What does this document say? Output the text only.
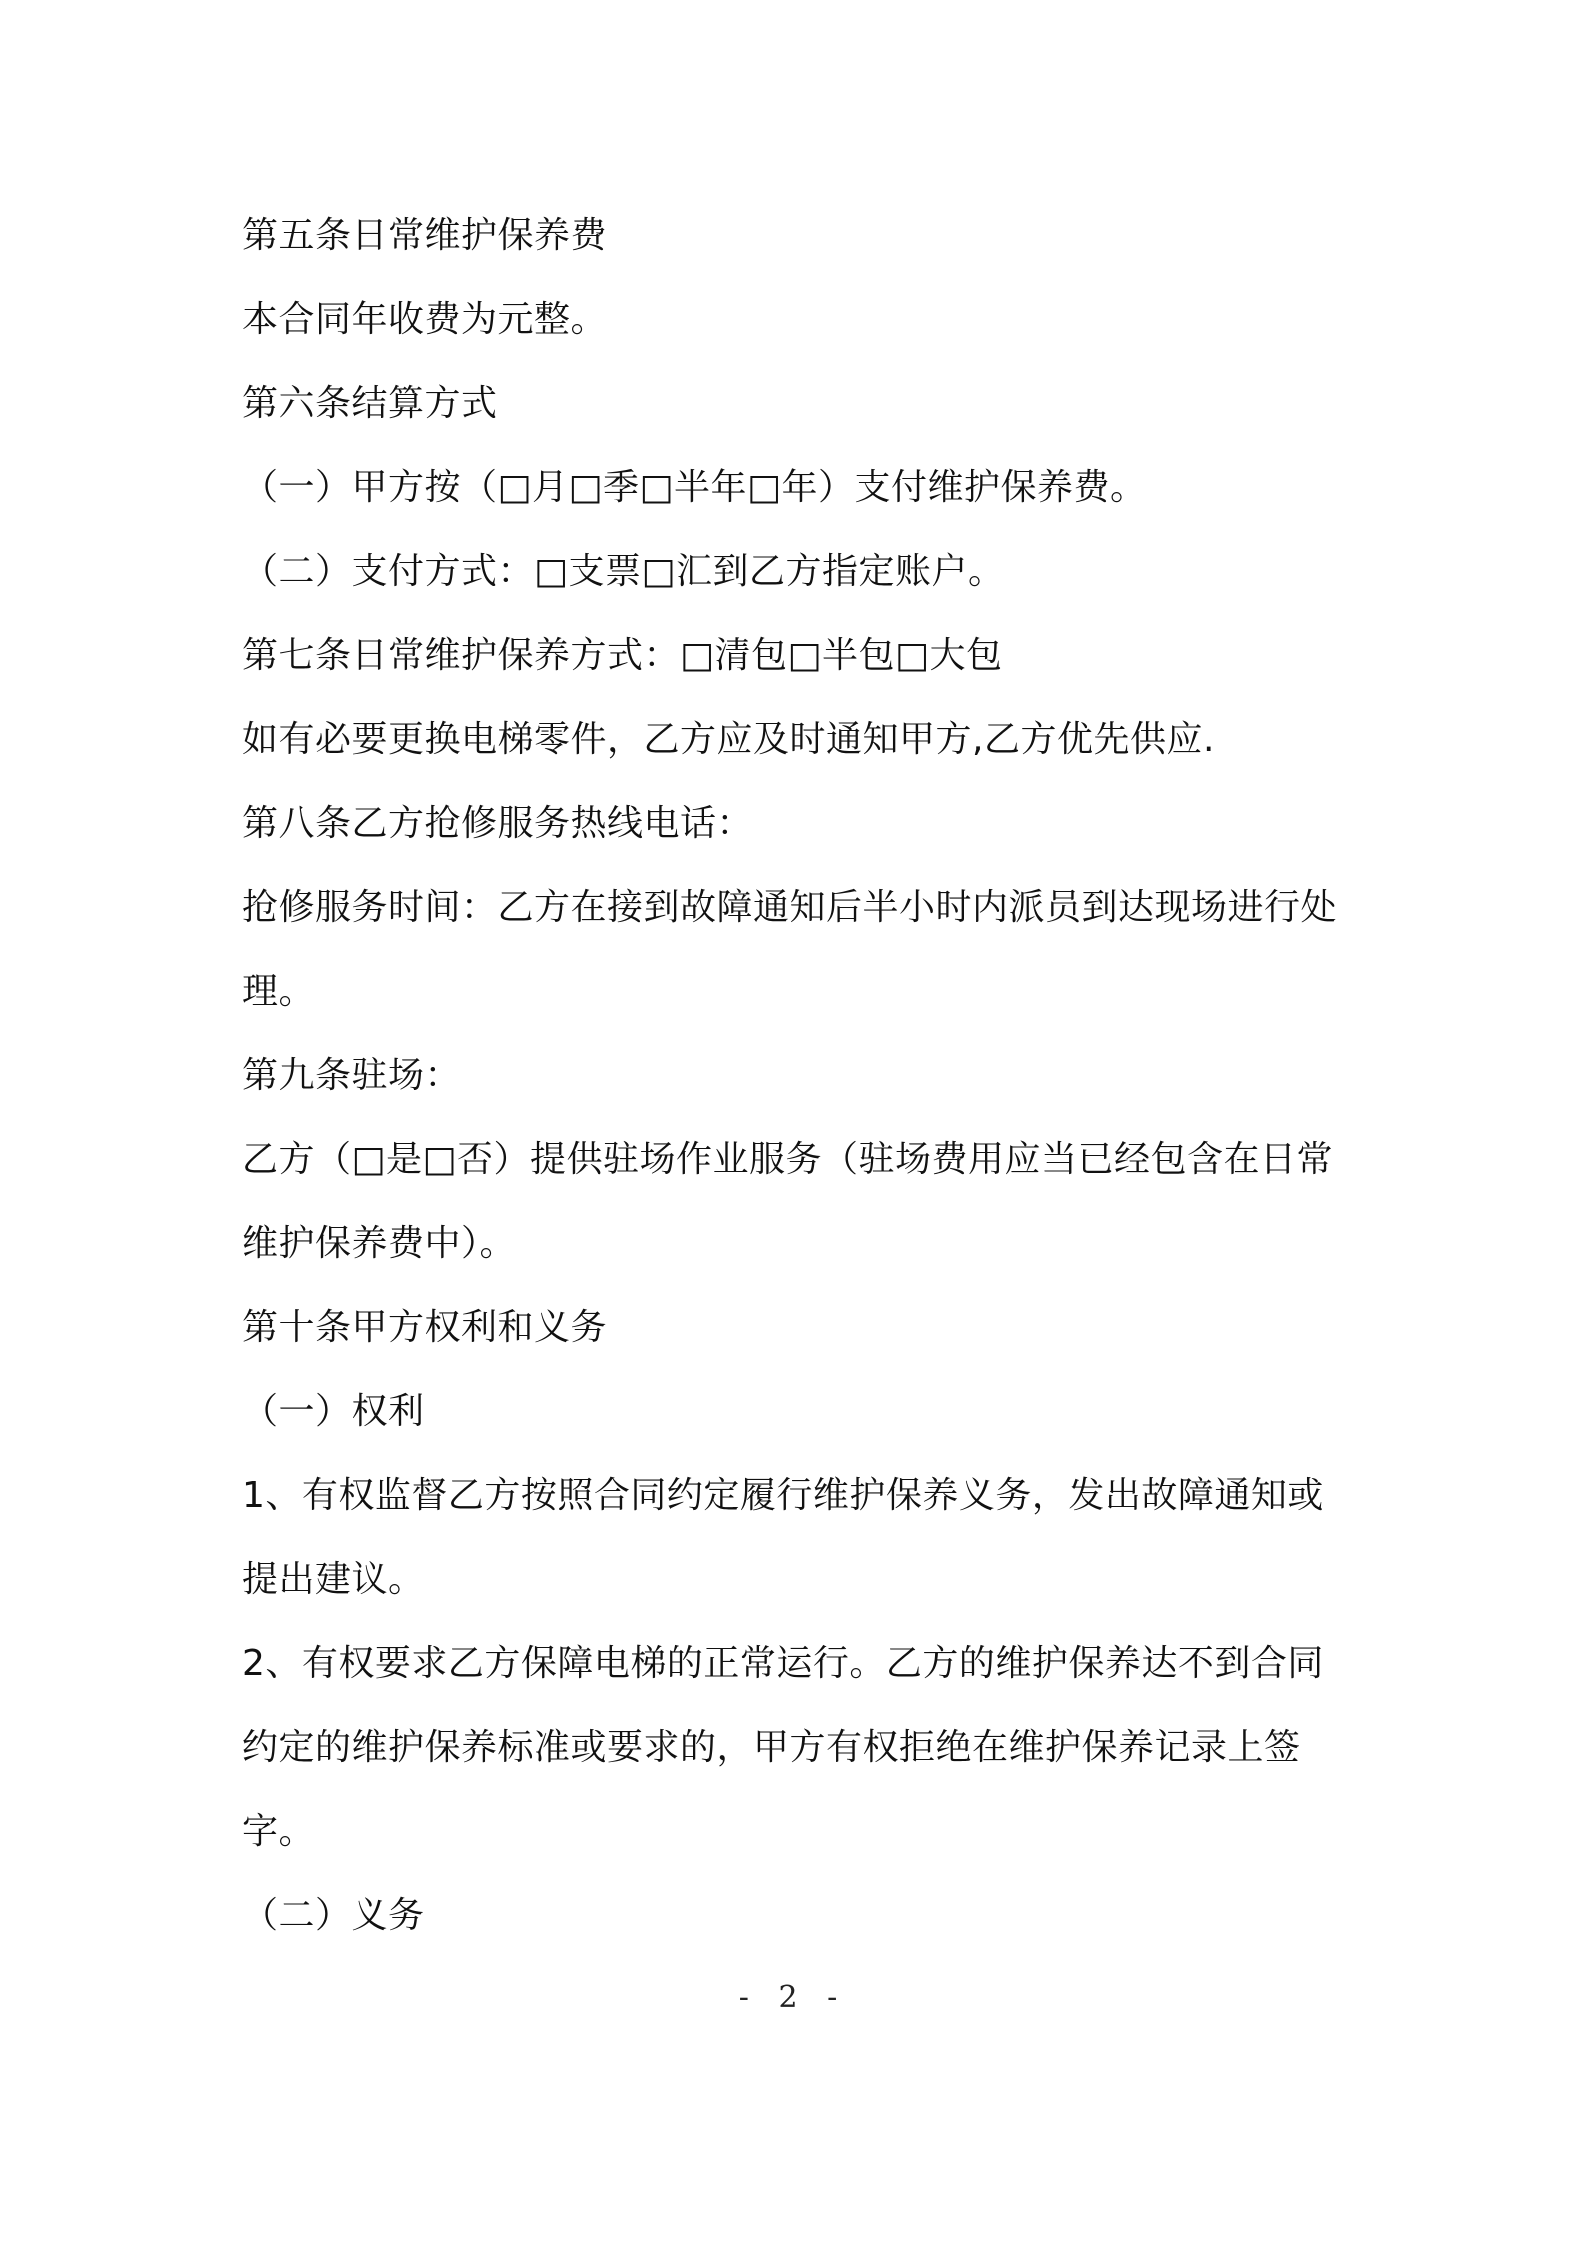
第五条日常维护保养费
本合同年收费为元整。
第六条结算方式
（一）甲方按（□月□季□半年□年）支付维护保养费。
（二）支付方式：□支票□汇到乙方指定账户。
第七条日常维护保养方式：□清包□半包□大包
如有必要更换电梯零件，乙方应及时通知甲方,乙方优先供应.
第八条乙方抢修服务热线电话：
抢修服务时间：乙方在接到故障通知后半小时内派员到达现场进行处
理。
第九条驻场：
乙方（□是□否）提供驻场作业服务（驻场费用应当已经包含在日常
维护保养费中）。
第十条甲方权利和义务
（一）权利
1、有权监督乙方按照合同约定履行维护保养义务，发出故障通知或
提出建议。
2、有权要求乙方保障电梯的正常运行。乙方的维护保养达不到合同
约定的维护保养标准或要求的，甲方有权拒绝在维护保养记录上签
字。
（二）义务
- 2 -
